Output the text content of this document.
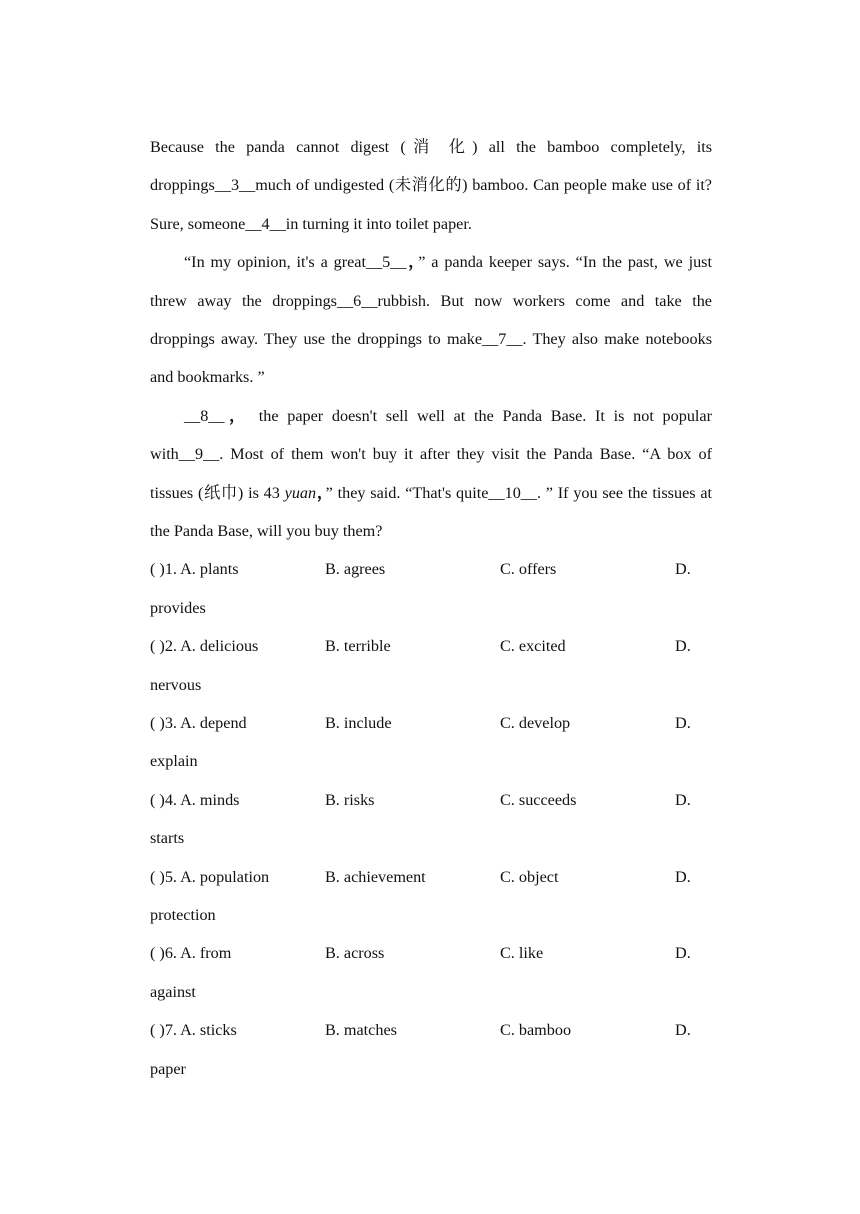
Because the panda cannot digest (消 化) all the bamboo completely, its droppings__3__much of undigested (未消化的) bamboo. Can people make use of it? Sure, someone__4__in turning it into toilet paper.

“In my opinion, it's a great__5__，” a panda keeper says. “In the past, we just threw away the droppings__6__rubbish. But now workers come and take the droppings away. They use the droppings to make__7__. They also make notebooks and bookmarks. ”

__8__， the paper doesn't sell well at the Panda Base. It is not popular with__9__. Most of them won't buy it after they visit the Panda Base. “A box of tissues (纸巾) is 43 yuan，” they said. “That's quite__10__. ” If you see the tissues at the Panda Base, will you buy them?

( )1. A. plants	B. agrees	C. offers	D.
provides
( )2. A. delicious	B. terrible	C. excited	D.
nervous
( )3. A. depend	B. include	C. develop	D.
explain
( )4. A. minds	B. risks	C. succeeds	D.
starts
( )5. A. population	B. achievement	C. object	D.
protection
( )6. A. from	B. across	C. like	D.
against
( )7. A. sticks	B. matches	C. bamboo	D.
paper
